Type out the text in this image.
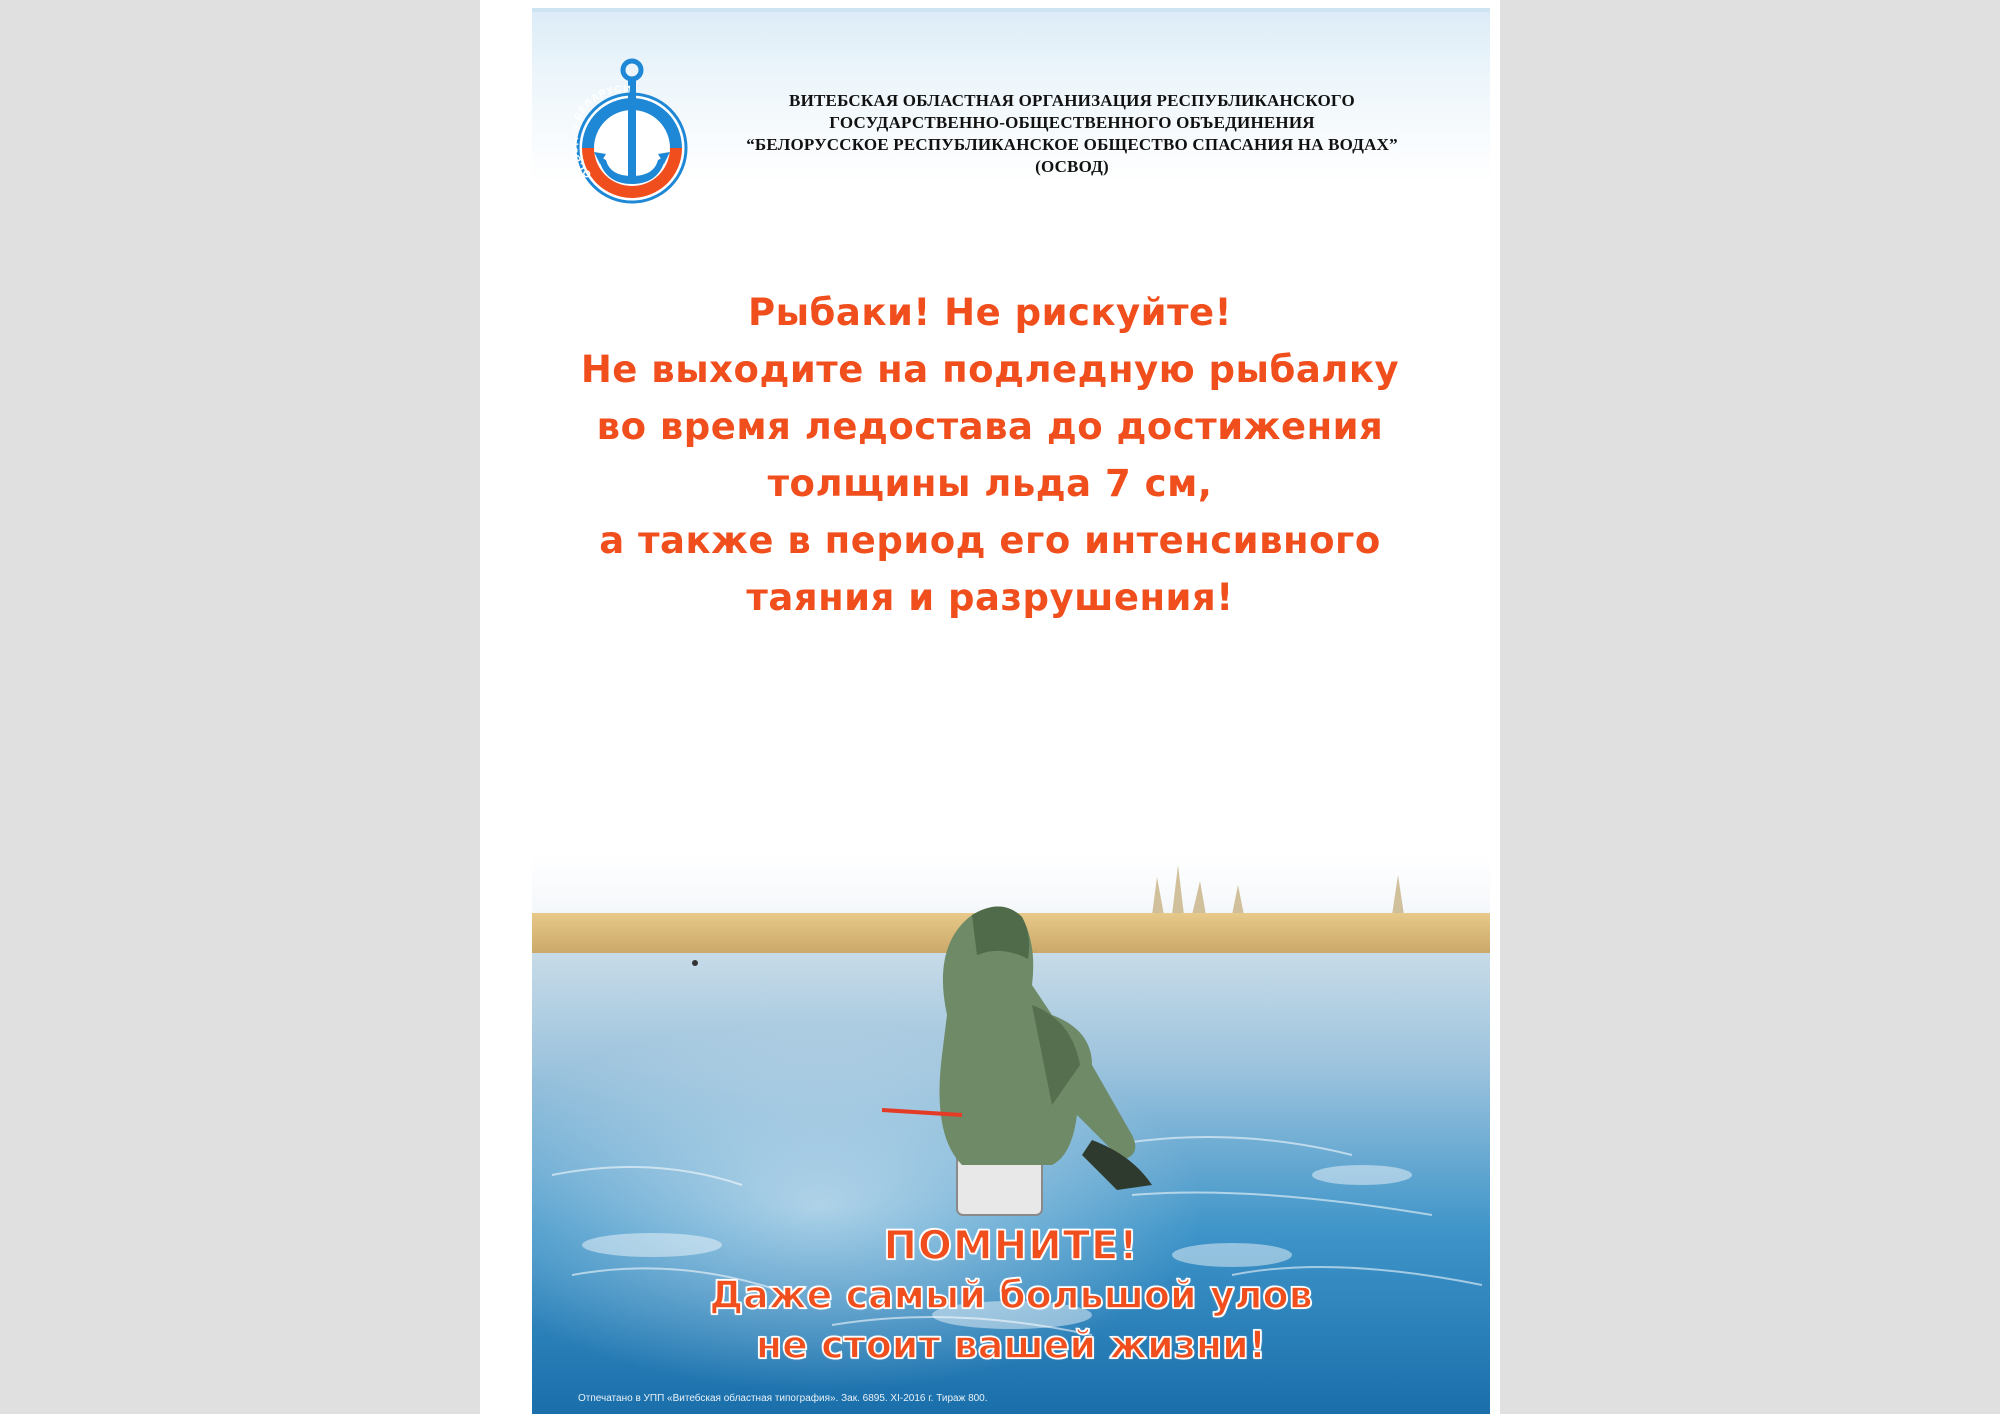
ОС ЕЛАРУСИ
ВИТЕБСКАЯ ОБЛАСТНАЯ ОРГАНИЗАЦИЯ РЕСПУБЛИКАНСКОГО
ГОСУДАРСТВЕННО-ОБЩЕСТВЕННОГО ОБЪЕДИНЕНИЯ
“БЕЛОРУССКОЕ РЕСПУБЛИКАНСКОЕ ОБЩЕСТВО СПАСАНИЯ НА ВОДАХ”
(ОСВОД)
Рыбаки! Не рискуйте!
Не выходите на подледную рыбалку
во время ледостава до достижения
толщины льда 7 см,
а также в период его интенсивного
таяния и разрушения!
ПОМНИТЕ!
Даже самый большой улов
не стоит вашей жизни!
Отпечатано в УПП «Витебская областная типография». Зак. 6895. XI-2016 г. Тираж 800.
